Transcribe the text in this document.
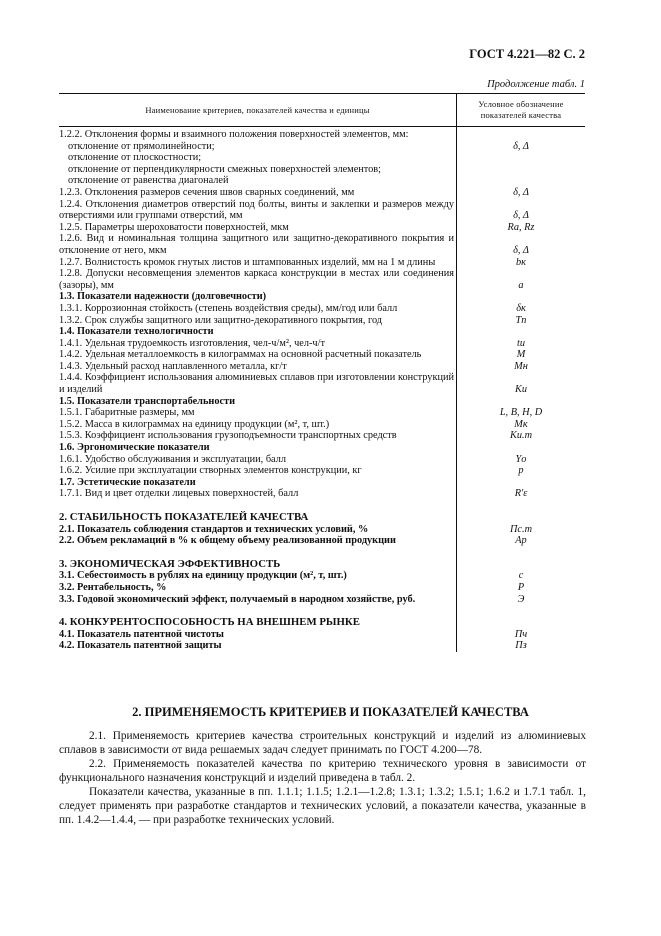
ГОСТ 4.221—82 С. 2
Продолжение табл. 1
Наименование критериев, показателей качества и единицы	Условное обозначение
показателей качества

1.2.2. Отклонения формы и взаимного положения поверхностей элементов, мм:
отклонение от прямолинейности;
отклонение от плоскостности;
отклонение от перпендикулярности смежных поверхностей элементов;
отклонение от равенства диагоналей	δ, Δ
1.2.3. Отклонения размеров сечения швов сварных соединений, мм	δ, Δ
1.2.4. Отклонения диаметров отверстий под болты, винты и заклепки и размеров между отверстиями или группами отверстий, мм	δ, Δ
1.2.5. Параметры шероховатости поверхностей, мкм	Ra, Rz
1.2.6. Вид и номинальная толщина защитного или защитно-декоративного покрытия и отклонение от него, мкм	δ, Δ
1.2.7. Волнистость кромок гнутых листов и штампованных изделий, мм на 1 м длины	bк
1.2.8. Допуски несовмещения элементов каркаса конструкции в местах или соединения (зазоры), мм	a
1.3. Показатели надежности (долговечности)	
1.3.1. Коррозионная стойкость (степень воздействия среды), мм/год или балл	δк
1.3.2. Срок службы защитного или защитно-декоративного покрытия, год	Tп
1.4. Показатели технологичности	
1.4.1. Удельная трудоемкость изготовления, чел-ч/м², чел-ч/т	tи
1.4.2. Удельная металлоемкость в килограммах на основной расчетный показатель	M
1.4.3. Удельный расход наплавленного металла, кг/т	Mн
1.4.4. Коэффициент использования алюминиевых сплавов при изготовлении конструкций и изделий	Kи
1.5. Показатели транспортабельности	
1.5.1. Габаритные размеры, мм	L, B, H, D
1.5.2. Масса в килограммах на единицу продукции (м², т, шт.)	Mк
1.5.3. Коэффициент использования грузоподъемности транспортных средств	Kи.т
1.6. Эргономические показатели	
1.6.1. Удобство обслуживания и эксплуатации, балл	Yо
1.6.2. Усилие при эксплуатации створных элементов конструкции, кг	p
1.7. Эстетические показатели	
1.7.1. Вид и цвет отделки лицевых поверхностей, балл	R′ε

2. СТАБИЛЬНОСТЬ ПОКАЗАТЕЛЕЙ КАЧЕСТВА	
2.1. Показатель соблюдения стандартов и технических условий, %	Пс.т
2.2. Объем рекламаций в % к общему объему реализованной продукции	Aр

3. ЭКОНОМИЧЕСКАЯ ЭФФЕКТИВНОСТЬ	
3.1. Себестоимость в рублях на единицу продукции (м², т, шт.)	c
3.2. Рентабельность, %	P
3.3. Годовой экономический эффект, получаемый в народном хозяйстве, руб.	Э

4. КОНКУРЕНТОСПОСОБНОСТЬ НА ВНЕШНЕМ РЫНКЕ	
4.1. Показатель патентной чистоты	Пч
4.2. Показатель патентной защиты	Пз
2. ПРИМЕНЯЕМОСТЬ КРИТЕРИЕВ И ПОКАЗАТЕЛЕЙ КАЧЕСТВА

2.1. Применяемость критериев качества строительных конструкций и изделий из алюминиевых сплавов в зависимости от вида решаемых задач следует принимать по ГОСТ 4.200—78.

2.2. Применяемость показателей качества по критерию технического уровня в зависимости от функционального назначения конструкций и изделий приведена в табл. 2.

Показатели качества, указанные в пп. 1.1.1; 1.1.5; 1.2.1—1.2.8; 1.3.1; 1.3.2; 1.5.1; 1.6.2 и 1.7.1 табл. 1, следует применять при разработке стандартов и технических условий, а показатели качества, указанные в пп. 1.4.2—1.4.4, — при разработке технических условий.
